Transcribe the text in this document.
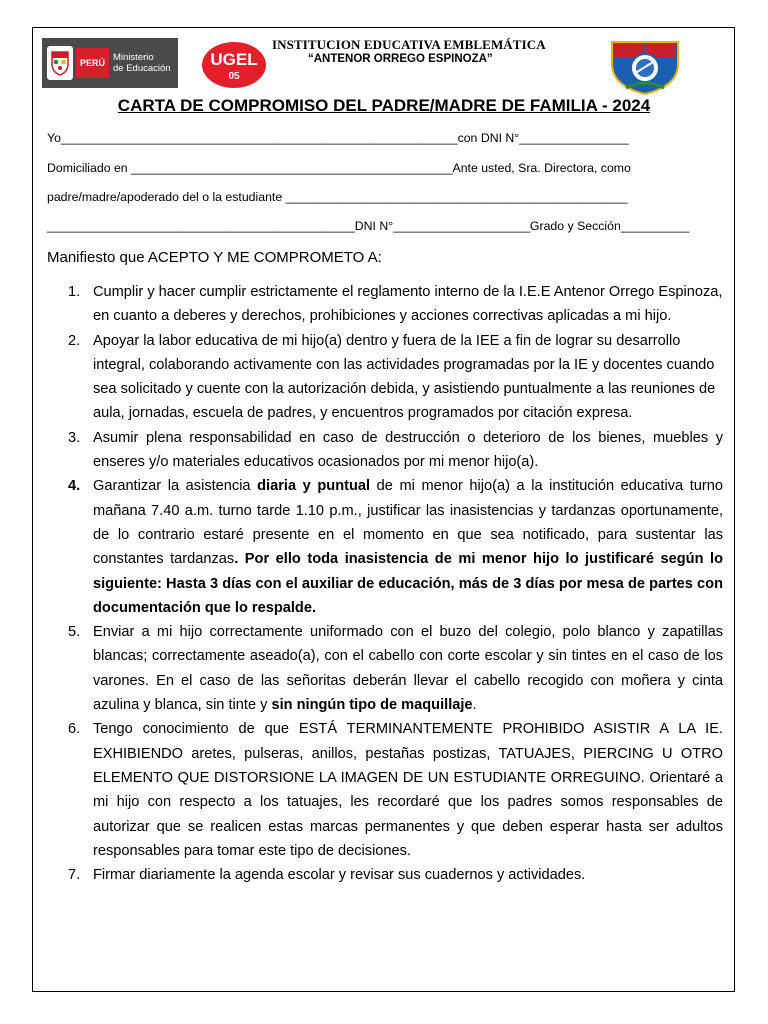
PERÚ Ministerio
de Educación UGEL
05
INSTITUCION EDUCATIVA EMBLEMÁTICA
“ANTENOR ORREGO ESPINOZA”
CARTA DE COMPROMISO DEL PADRE/MADRE DE FAMILIA - 2024
Yo__________________________________________________________con DNI N°________________
Domiciliado en _______________________________________________Ante usted, Sra. Directora, como
padre/madre/apoderado del o la estudiante __________________________________________________
_____________________________________________DNI N°____________________Grado y Sección__________
Manifiesto que ACEPTO Y ME COMPROMETO A:
1. Cumplir y hacer cumplir estrictamente el reglamento interno de la I.E.E Antenor Orrego Espinoza, en cuanto a deberes y derechos, prohibiciones y acciones correctivas aplicadas a mi hijo.
2. Apoyar la labor educativa de mi hijo(a) dentro y fuera de la IEE a fin de lograr su desarrollo integral, colaborando activamente con las actividades programadas por la IE y docentes cuando sea solicitado y cuente con la autorización debida, y asistiendo puntualmente a las reuniones de aula, jornadas, escuela de padres, y encuentros programados por citación expresa.
3. Asumir plena responsabilidad en caso de destrucción o deterioro de los bienes, muebles y enseres y/o materiales educativos ocasionados por mi menor hijo(a).
4. Garantizar la asistencia diaria y puntual de mi menor hijo(a) a la institución educativa turno mañana 7.40 a.m. turno tarde 1.10 p.m., justificar las inasistencias y tardanzas oportunamente, de lo contrario estaré presente en el momento en que sea notificado, para sustentar las constantes tardanzas. Por ello toda inasistencia de mi menor hijo lo justificaré según lo siguiente: Hasta 3 días con el auxiliar de educación, más de 3 días por mesa de partes con documentación que lo respalde.
5. Enviar a mi hijo correctamente uniformado con el buzo del colegio, polo blanco y zapatillas blancas; correctamente aseado(a), con el cabello con corte escolar y sin tintes en el caso de los varones. En el caso de las señoritas deberán llevar el cabello recogido con moñera y cinta azulina y blanca, sin tinte y sin ningún tipo de maquillaje.
6. Tengo conocimiento de que ESTÁ TERMINANTEMENTE PROHIBIDO ASISTIR A LA IE. EXHIBIENDO aretes, pulseras, anillos, pestañas postizas, TATUAJES, PIERCING U OTRO ELEMENTO QUE DISTORSIONE LA IMAGEN DE UN ESTUDIANTE ORREGUINO. Orientaré a mi hijo con respecto a los tatuajes, les recordaré que los padres somos responsables de autorizar que se realicen estas marcas permanentes y que deben esperar hasta ser adultos responsables para tomar este tipo de decisiones.
7. Firmar diariamente la agenda escolar y revisar sus cuadernos y actividades.
